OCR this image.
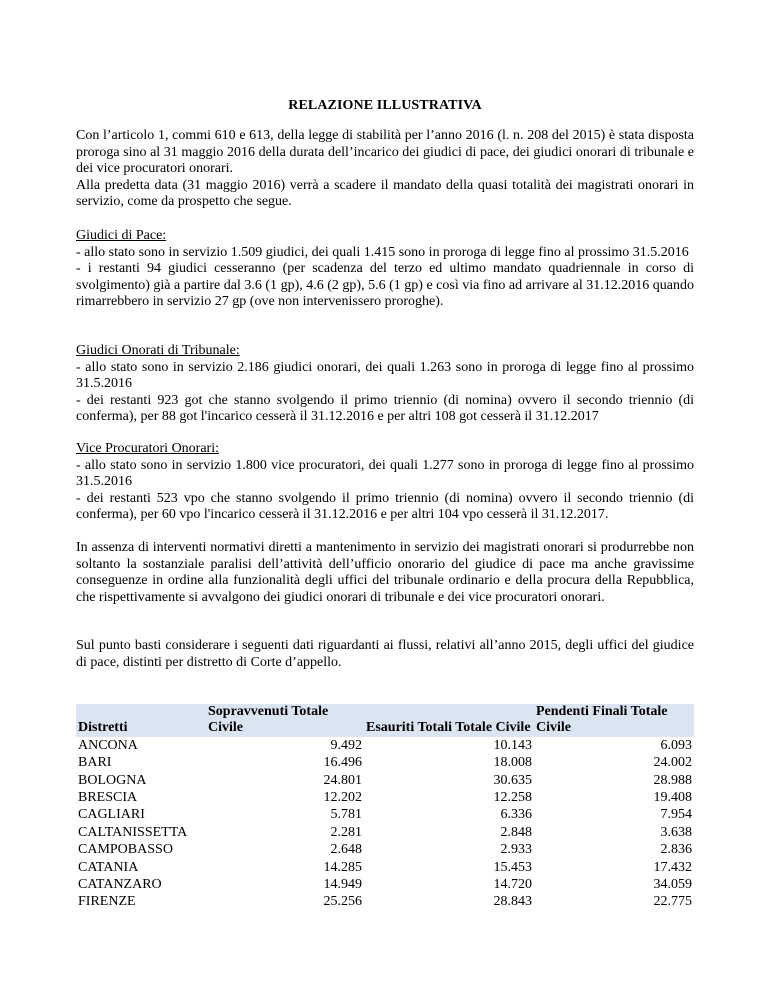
RELAZIONE ILLUSTRATIVA

Con l’articolo 1, commi 610 e 613, della legge di stabilità per l’anno 2016 (l. n. 208 del 2015) è stata disposta proroga sino al 31 maggio 2016 della durata dell’incarico dei giudici di pace, dei giudici onorari di tribunale e dei vice procuratori onorari.

Alla predetta data (31 maggio 2016) verrà a scadere il mandato della quasi totalità dei magistrati onorari in servizio, come da prospetto che segue.

Giudici di Pace:

- allo stato sono in servizio 1.509 giudici, dei quali 1.415 sono in proroga di legge fino al prossimo 31.5.2016

- i restanti 94 giudici cesseranno (per scadenza del terzo ed ultimo mandato quadriennale in corso di svolgimento) già a partire dal 3.6 (1 gp), 4.6 (2 gp), 5.6 (1 gp) e così via fino ad arrivare al 31.12.2016 quando rimarrebbero in servizio 27 gp (ove non intervenissero proroghe).

Giudici Onorati di Tribunale:

- allo stato sono in servizio 2.186 giudici onorari, dei quali 1.263 sono in proroga di legge fino al prossimo 31.5.2016

- dei restanti 923 got che stanno svolgendo il primo triennio (di nomina) ovvero il secondo triennio (di conferma), per 88 got l'incarico cesserà il 31.12.2016 e per altri 108 got cesserà il 31.12.2017

Vice Procuratori Onorari:

- allo stato sono in servizio 1.800 vice procuratori, dei quali 1.277 sono in proroga di legge fino al prossimo 31.5.2016

- dei restanti 523 vpo che stanno svolgendo il primo triennio (di nomina) ovvero il secondo triennio (di conferma), per 60 vpo l'incarico cesserà il 31.12.2016 e per altri 104 vpo cesserà il 31.12.2017.

In assenza di interventi normativi diretti a mantenimento in servizio dei magistrati onorari si produrrebbe non soltanto la sostanziale paralisi dell’attività dell’ufficio onorario del giudice di pace ma anche gravissime conseguenze in ordine alla funzionalità degli uffici del tribunale ordinario e della procura della Repubblica, che rispettivamente si avvalgono dei giudici onorari di tribunale e dei vice procuratori onorari.
Sul punto basti considerare i seguenti dati riguardanti ai flussi, relativi all’anno 2015, degli uffici del giudice di pace, distinti per distretto di Corte d’appello.
Distretti	Sopravvenuti Totale Civile	Esauriti Totali Totale Civile	Pendenti Finali Totale Civile
ANCONA	9.492	10.143	6.093
BARI	16.496	18.008	24.002
BOLOGNA	24.801	30.635	28.988
BRESCIA	12.202	12.258	19.408
CAGLIARI	5.781	6.336	7.954
CALTANISSETTA	2.281	2.848	3.638
CAMPOBASSO	2.648	2.933	2.836
CATANIA	14.285	15.453	17.432
CATANZARO	14.949	14.720	34.059
FIRENZE	25.256	28.843	22.775
